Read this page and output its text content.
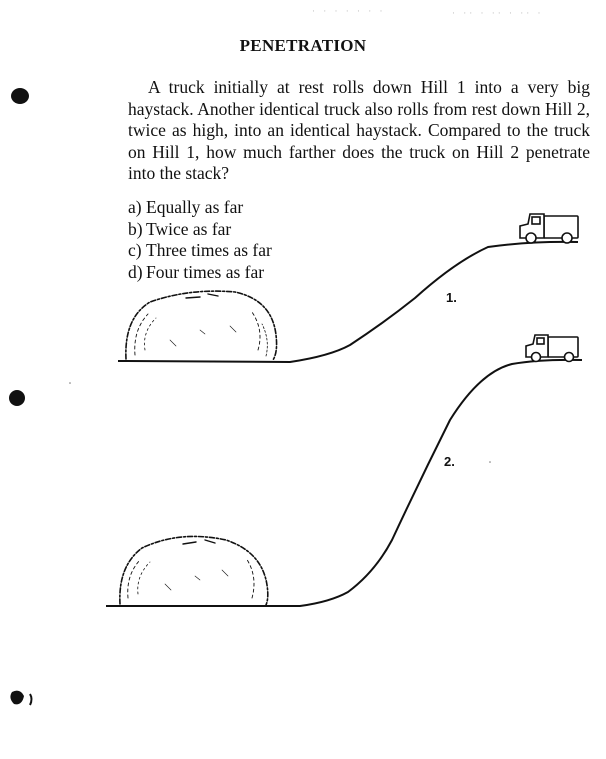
· · · · · · ·	· ·· · ·· · ·· ·
PENETRATION

A truck initially at rest rolls down Hill 1 into a very big haystack. Another identical truck also rolls from rest down Hill 2, twice as high, into an identical haystack. Compared to the truck on Hill 1, how much farther does the truck on Hill 2 penetrate into the stack?

a) Equally as far
b) Twice as far
c) Three times as far
d) Four times as far
1.
2.
